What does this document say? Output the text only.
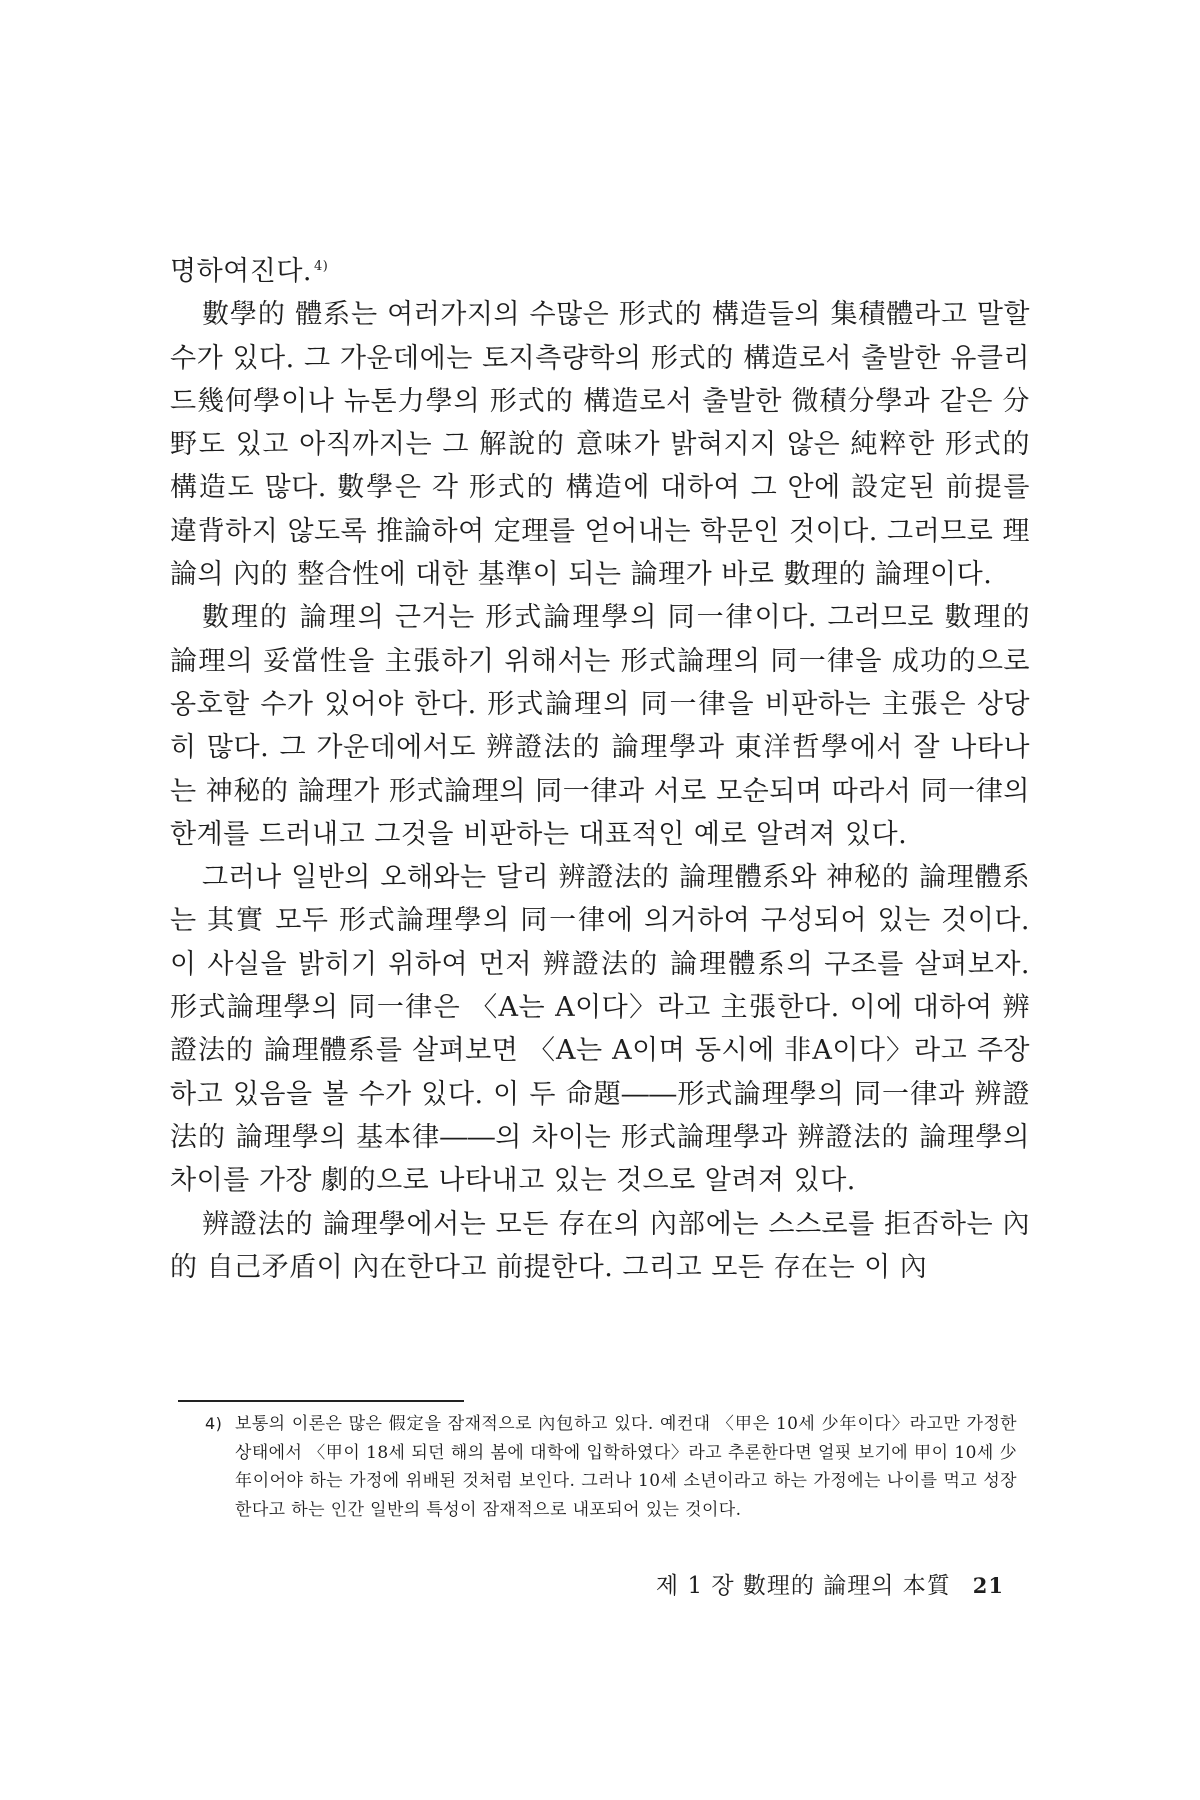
명하여진다. $^{4)}$

數學的 體系는 여러가지의 수많은 形式的 構造들의 集積體라고 말할 수가 있다. 그 가운데에는 토지측량학의 形式的 構造로서 출발한 유클리드幾何學이나 뉴톤力學의 形式的 構造로서 출발한 微積分學과 같은 分野도 있고 아직까지는 그 解說的 意味가 밝혀지지 않은 純粹한 形式的 構造도 많다. 數學은 각 形式的 構造에 대하여 그 안에 設定된 前提를 違背하지 않도록 推論하여 定理를 얻어내는 학문인 것이다. 그러므로 理論의 內的 整合性에 대한 基準이 되는 論理가 바로 數理的 論理이다.

數理的 論理의 근거는 形式論理學의 同一律이다. 그러므로 數理的 論理의 妥當性을 主張하기 위해서는 形式論理의 同一律을 成功的으로 옹호할 수가 있어야 한다. 形式論理의 同一律을 비판하는 主張은 상당히 많다. 그 가운데에서도 辨證法的 論理學과 東洋哲學에서 잘 나타나는 神秘的 論理가 形式論理의 同一律과 서로 모순되며 따라서 同一律의 한계를 드러내고 그것을 비판하는 대표적인 예로 알려져 있다.

그러나 일반의 오해와는 달리 辨證法的 論理體系와 神秘的 論理體系는 其實 모두 形式論理學의 同一律에 의거하여 구성되어 있는 것이다. 이 사실을 밝히기 위하여 먼저 辨證法的 論理體系의 구조를 살펴보자. 形式論理學의 同一律은 〈A는 A이다〉라고 主張한다. 이에 대하여 辨證法的 論理體系를 살펴보면 〈A는 A이며 동시에 非A이다〉라고 주장하고 있음을 볼 수가 있다. 이 두 命題――形式論理學의 同一律과 辨證法的 論理學의 基本律――의 차이는 形式論理學과 辨證法的 論理學의 차이를 가장 劇的으로 나타내고 있는 것으로 알려져 있다.

辨證法的 論理學에서는 모든 存在의 內部에는 스스로를 拒否하는 內的 自己矛盾이 內在한다고 前提한다. 그리고 모든 存在는 이 內

4) 보통의 이론은 많은 假定을 잠재적으로 內包하고 있다. 예컨대 〈甲은 10세 少年이다〉라고만 가정한 상태에서 〈甲이 18세 되던 해의 봄에 대학에 입학하였다〉라고 추론한다면 얼핏 보기에 甲이 10세 少年이어야 하는 가정에 위배된 것처럼 보인다. 그러나 10세 소년이라고 하는 가정에는 나이를 먹고 성장한다고 하는 인간 일반의 특성이 잠재적으로 내포되어 있는 것이다.
제 1 장 數理的 論理의 本質 21
